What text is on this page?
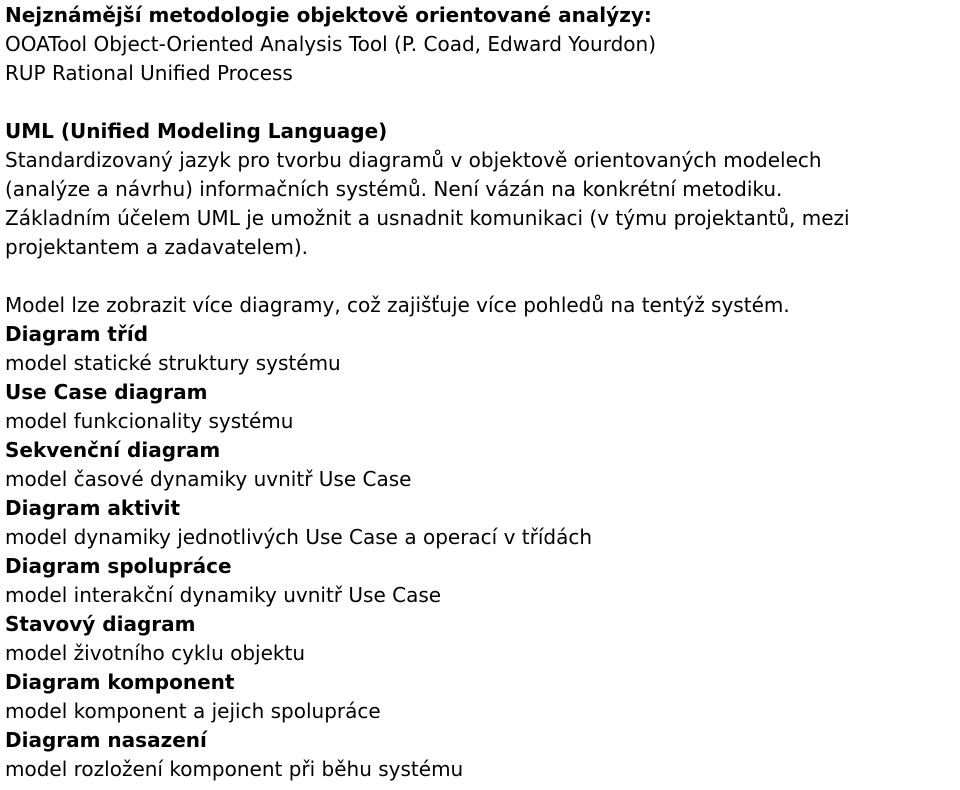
Nejznámější metodologie objektově orientované analýzy:
OOATool Object-Oriented Analysis Tool (P. Coad, Edward Yourdon)
RUP Rational Unified Process
UML (Unified Modeling Language)
Standardizovaný jazyk pro tvorbu diagramů v objektově orientovaných modelech
(analýze a návrhu) informačních systémů. Není vázán na konkrétní metodiku.
Základním účelem UML je umožnit a usnadnit komunikaci (v týmu projektantů, mezi
projektantem a zadavatelem).
Model lze zobrazit více diagramy, což zajišťuje více pohledů na tentýž systém.
Diagram tříd
model statické struktury systému
Use Case diagram
model funkcionality systému
Sekvenční diagram
model časové dynamiky uvnitř Use Case
Diagram aktivit
model dynamiky jednotlivých Use Case a operací v třídách
Diagram spolupráce
model interakční dynamiky uvnitř Use Case
Stavový diagram
model životního cyklu objektu
Diagram komponent
model komponent a jejich spolupráce
Diagram nasazení
model rozložení komponent při běhu systému
